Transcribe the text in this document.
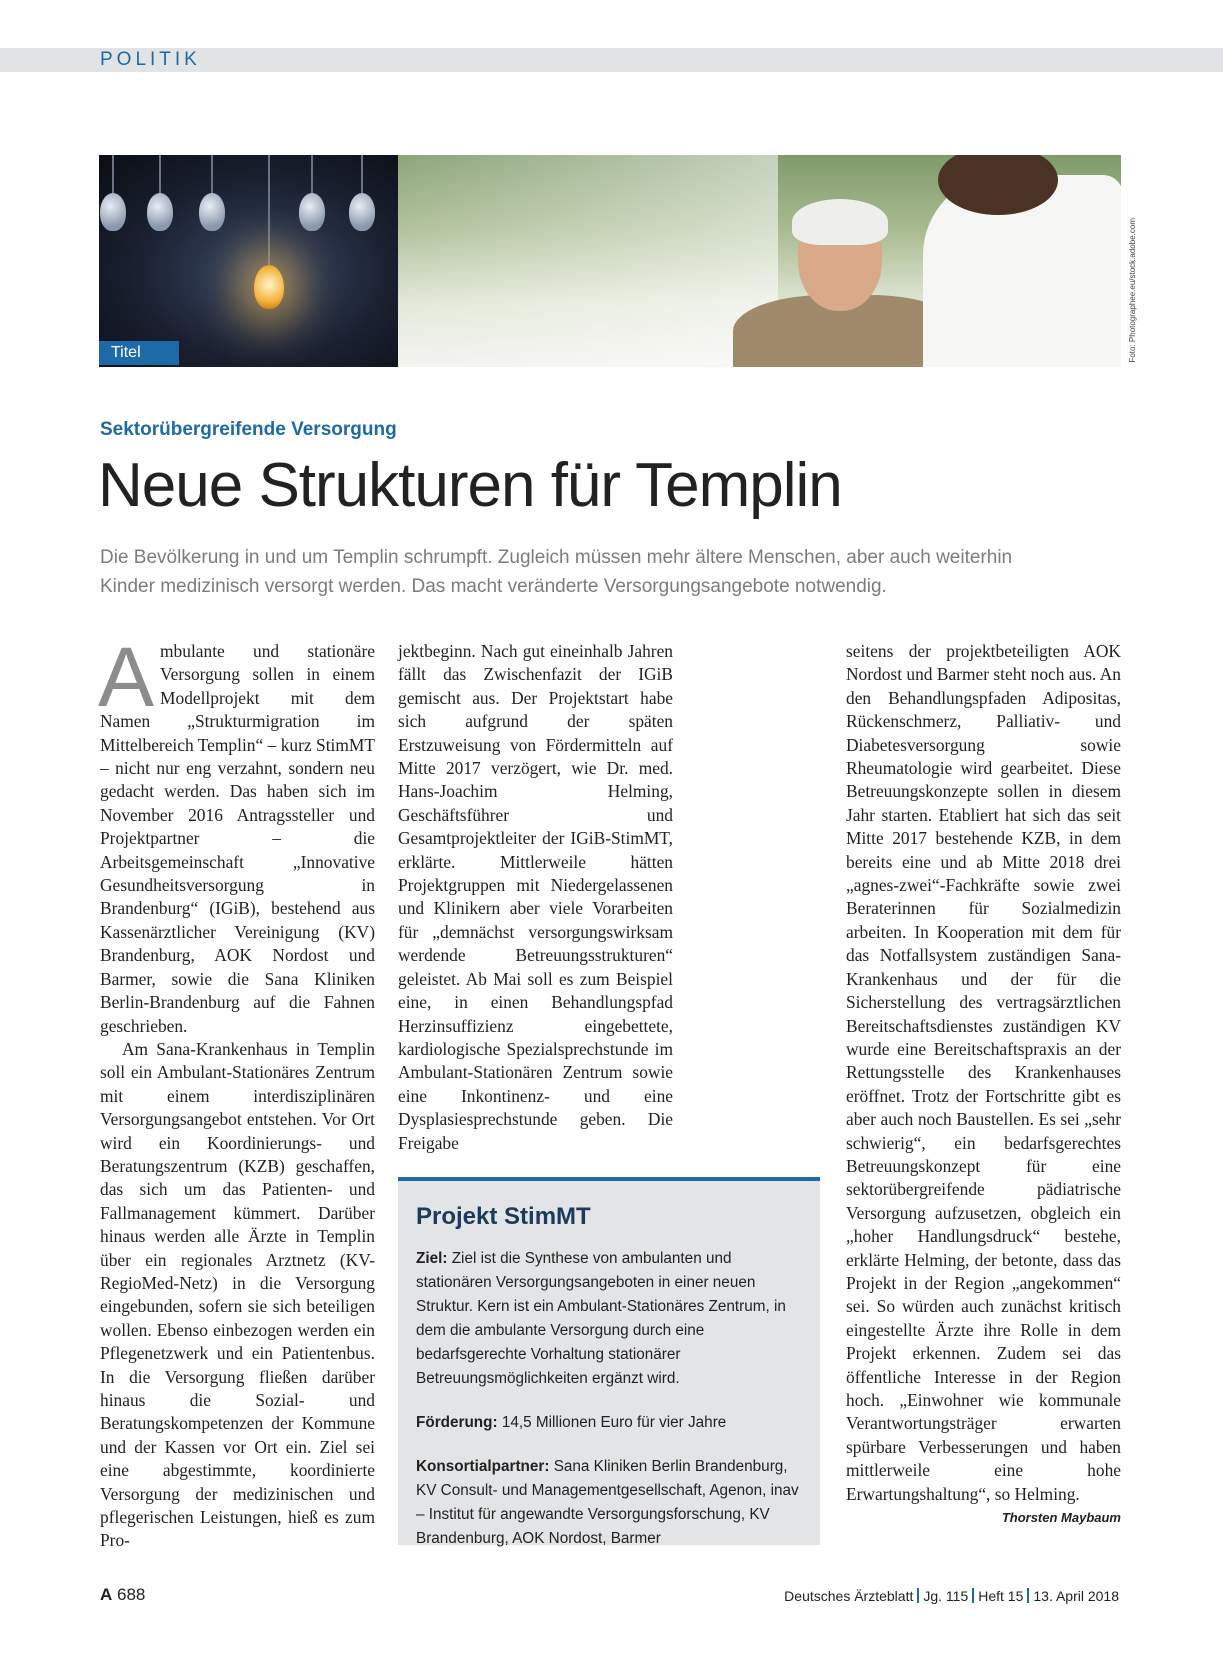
POLITIK
Titel	Foto: Photographee.eu/stock.adobe.com
Sektorübergreifende Versorgung
Neue Strukturen für Templin
Die Bevölkerung in und um Templin schrumpft. Zugleich müssen mehr ältere Menschen, aber auch weiterhin Kinder medizinisch versorgt werden. Das macht veränderte Versorgungsangebote notwendig.

Ambulante und stationäre Versorgung sollen in einem Modellprojekt mit dem Namen „Strukturmigration im Mittelbereich Templin“ – kurz StimMT – nicht nur eng verzahnt, sondern neu gedacht werden. Das haben sich im November 2016 Antragssteller und Projektpartner – die Arbeitsgemeinschaft „Innovative Gesundheitsversorgung in Brandenburg“ (IGiB), bestehend aus Kassenärztlicher Vereinigung (KV) Brandenburg, AOK Nordost und Barmer, sowie die Sana Kliniken Berlin-Brandenburg auf die Fahnen geschrieben.

Am Sana-Krankenhaus in Templin soll ein Ambulant-Stationäres Zentrum mit einem interdisziplinären Versorgungsangebot entstehen. Vor Ort wird ein Koordinierungs- und Beratungszentrum (KZB) geschaffen, das sich um das Patienten- und Fallmanagement kümmert. Darüber hinaus werden alle Ärzte in Templin über ein regionales Arztnetz (KV-RegioMed-Netz) in die Versorgung eingebunden, sofern sie sich beteiligen wollen. Ebenso einbezogen werden ein Pflegenetzwerk und ein Patientenbus. In die Versorgung fließen darüber hinaus die Sozial- und Beratungskompetenzen der Kommune und der Kassen vor Ort ein. Ziel sei eine abgestimmte, koordinierte Versorgung der medizinischen und pflegerischen Leistungen, hieß es zum Pro-

jektbeginn. Nach gut eineinhalb Jahren fällt das Zwischenfazit der IGiB gemischt aus. Der Projektstart habe sich aufgrund der späten Erstzuweisung von Fördermitteln auf Mitte 2017 verzögert, wie Dr. med. Hans-Joachim Helming, Geschäftsführer und Gesamtprojektleiter der IGiB-StimMT, erklärte. Mittlerweile hätten Projektgruppen mit Niedergelassenen und Klinikern aber viele Vorarbeiten für „demnächst versorgungswirksam werdende Betreuungsstrukturen“ geleistet. Ab Mai soll es zum Beispiel eine, in einen Behandlungspfad Herzinsuffizienz eingebettete, kardiologische Spezialsprechstunde im Ambulant-Stationären Zentrum sowie eine Inkontinenz- und eine Dysplasiesprechstunde geben. Die Freigabe

Projekt StimMT

Ziel: Ziel ist die Synthese von ambulanten und stationären Versorgungsangeboten in einer neuen Struktur. Kern ist ein Ambulant-Stationäres Zentrum, in dem die ambulante Versorgung durch eine bedarfsgerechte Vorhaltung stationärer Betreuungsmöglichkeiten ergänzt wird.

Förderung: 14,5 Millionen Euro für vier Jahre

Konsortialpartner: Sana Kliniken Berlin Brandenburg, KV Consult- und Managementgesellschaft, Agenon, inav – Institut für angewandte Versorgungsforschung, KV Brandenburg, AOK Nordost, Barmer

seitens der projektbeteiligten AOK Nordost und Barmer steht noch aus. An den Behandlungspfaden Adipositas, Rückenschmerz, Palliativ- und Diabetesversorgung sowie Rheumatologie wird gearbeitet. Diese Betreuungskonzepte sollen in diesem Jahr starten. Etabliert hat sich das seit Mitte 2017 bestehende KZB, in dem bereits eine und ab Mitte 2018 drei „agnes-zwei“-Fachkräfte sowie zwei Beraterinnen für Sozialmedizin arbeiten. In Kooperation mit dem für das Notfallsystem zuständigen Sana-Krankenhaus und der für die Sicherstellung des vertragsärztlichen Bereitschaftsdienstes zuständigen KV wurde eine Bereitschaftspraxis an der Rettungsstelle des Krankenhauses eröffnet. Trotz der Fortschritte gibt es aber auch noch Baustellen. Es sei „sehr schwierig“, ein bedarfsgerechtes Betreuungskonzept für eine sektorübergreifende pädiatrische Versorgung aufzusetzen, obgleich ein „hoher Handlungsdruck“ bestehe, erklärte Helming, der betonte, dass das Projekt in der Region „angekommen“ sei. So würden auch zunächst kritisch eingestellte Ärzte ihre Rolle in dem Projekt erkennen. Zudem sei das öffentliche Interesse in der Region hoch. „Einwohner wie kommunale Verantwortungsträger erwarten spürbare Verbesserungen und haben mittlerweile eine hohe Erwartungshaltung“, so Helming.
Thorsten Maybaum

A 688	Deutsches Ärzteblatt Jg. 115 Heft 15 13. April 2018
